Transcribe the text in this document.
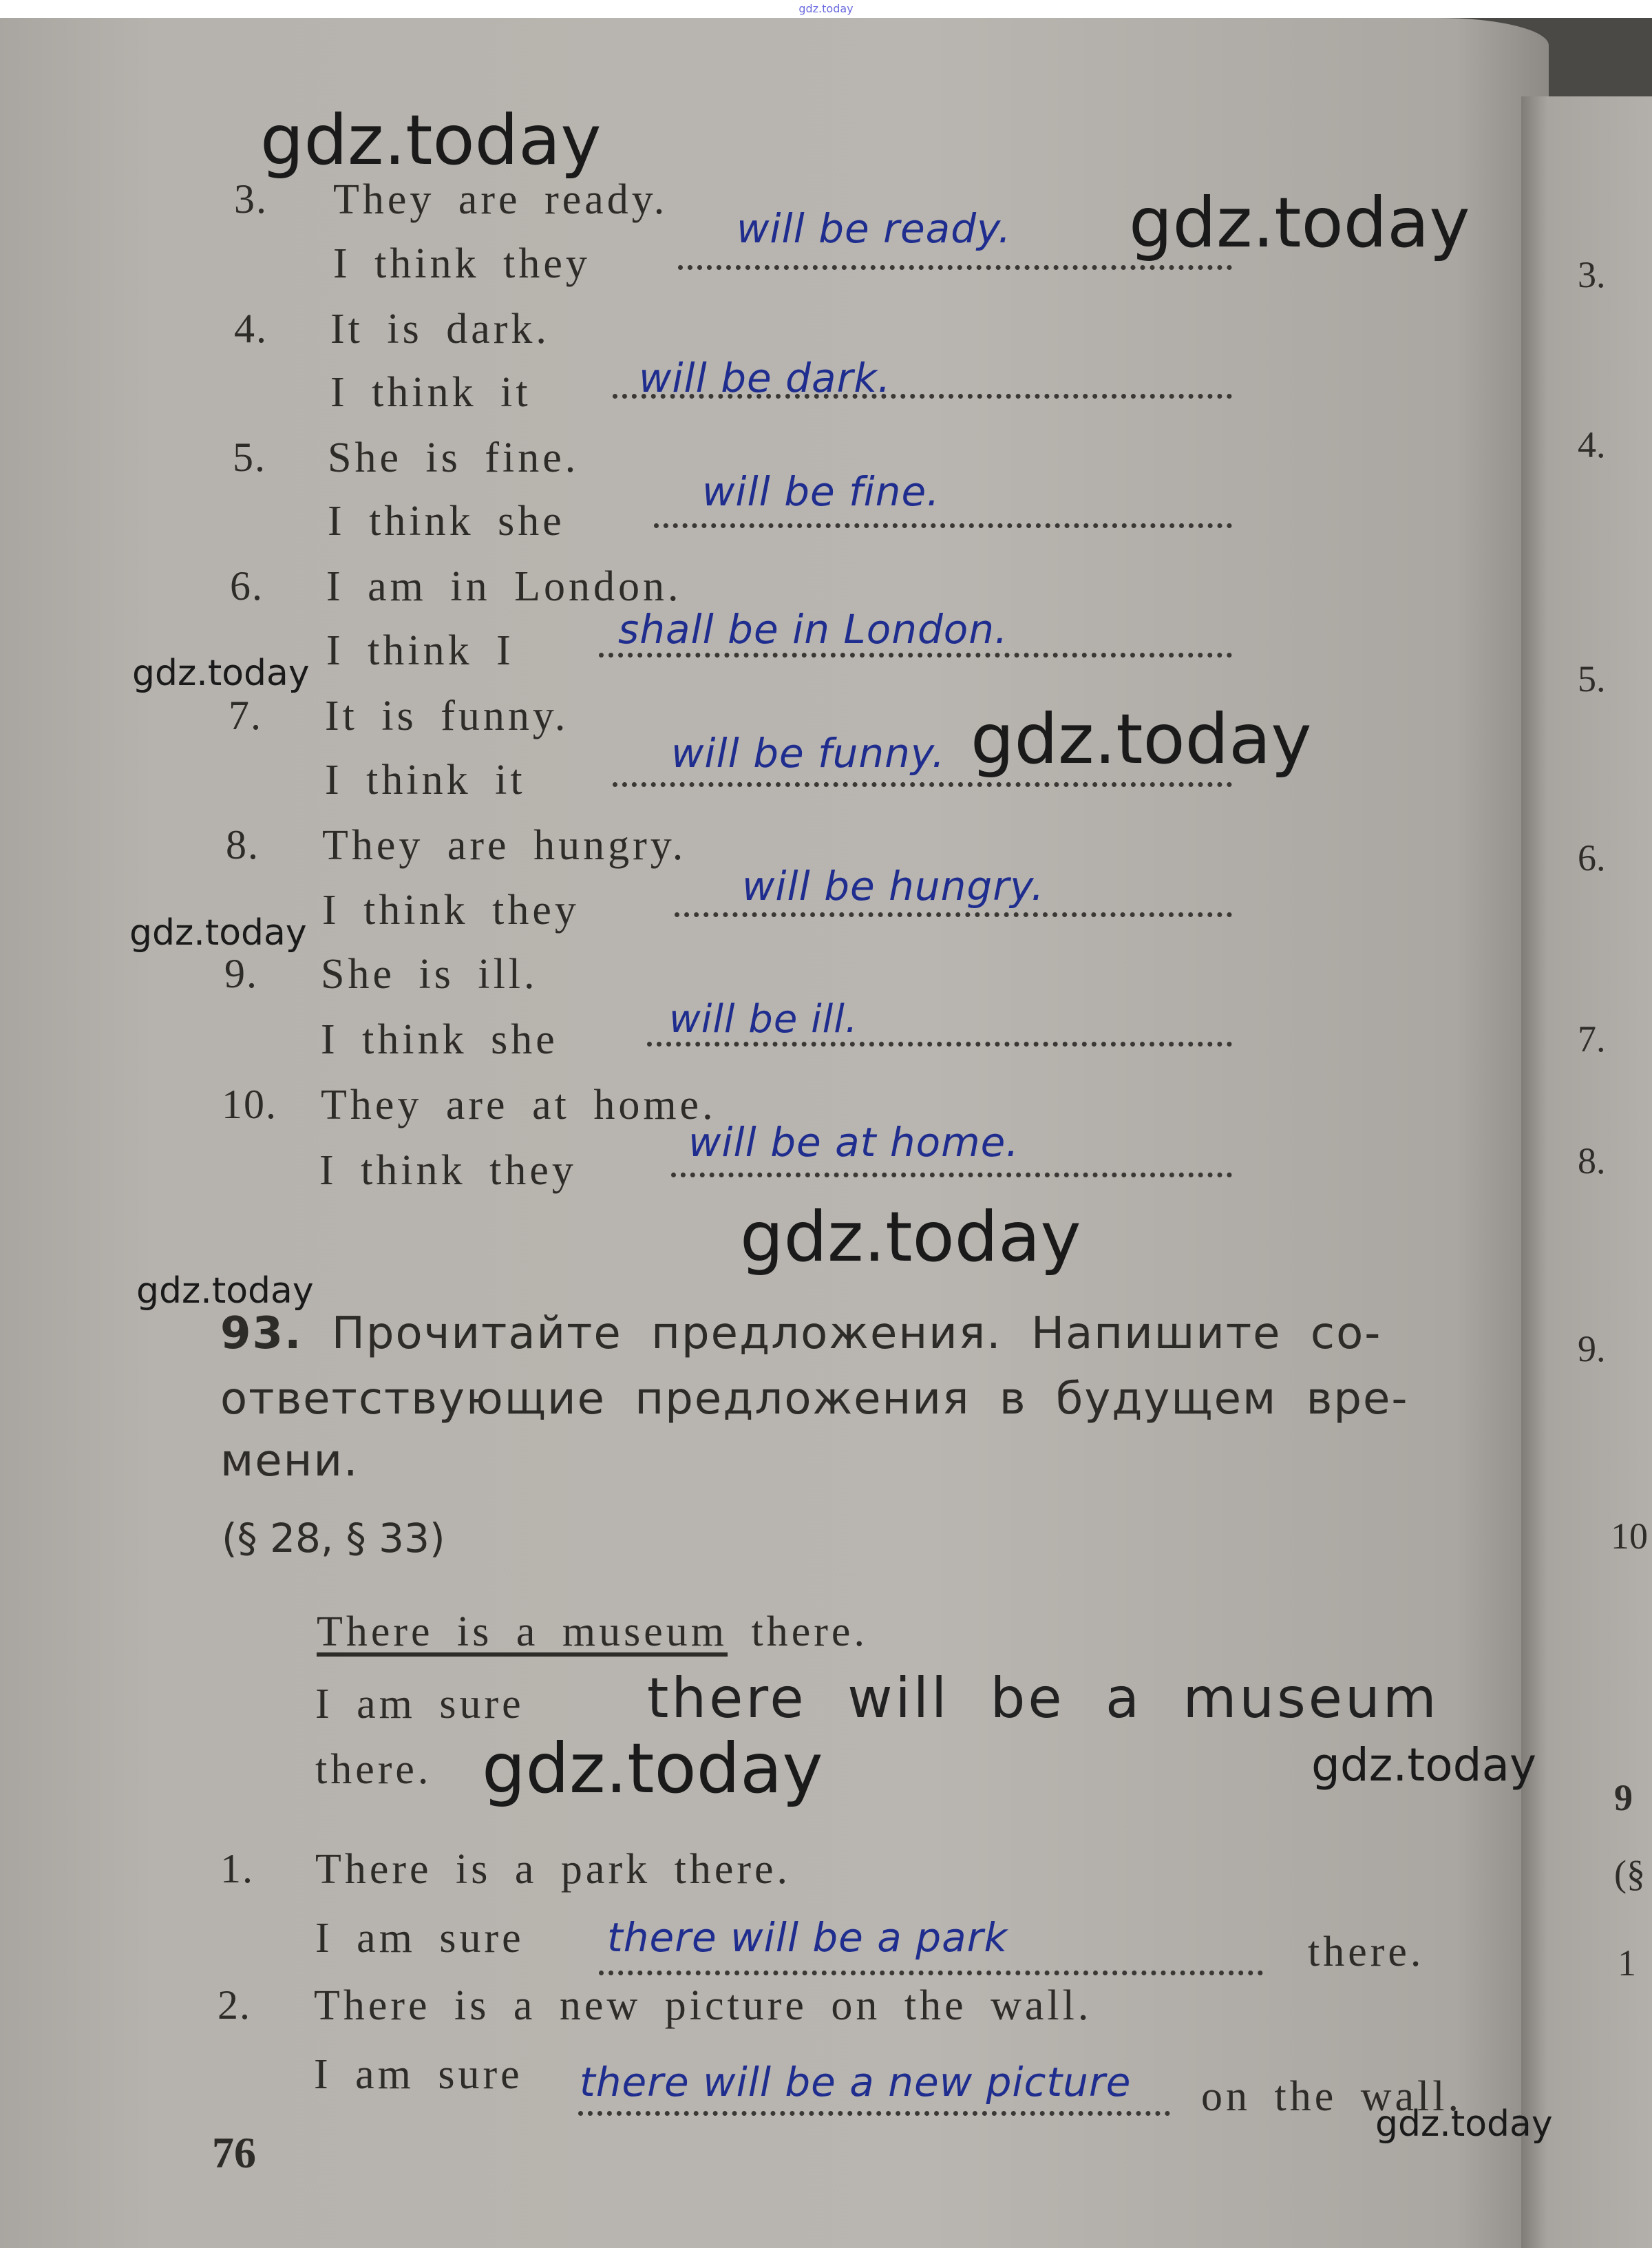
gdz.today
3.
4.
5.
6.
7.
8.
9.
10
9
(§
1
3. They are ready.
I think they
will be ready.
4. It is dark.
I think it	will be dark.
5. She is fine.
I think she
will be fine.
6. I am in London.
I think I	shall be in London.
7. It is funny.
I think it
will be funny.
8. They are hungry.
I think they
will be hungry.
9. She is ill.
I think she	will be ill.
10. They are at home.
I think they
will be at home.
93. Прочитайте предложения. Напишите со-
ответствующие предложения в будущем вре-
мени.
(§ 28, § 33)
There is a museum there.
I am sure there will be a museum
there.
1. There is a park there.
I am sure there will be a park	there.
2. There is a new picture on the wall.
I am sure there will be a new picture on the wall.
76
gdz.today
gdz.today
gdz.today
gdz.today
gdz.today
gdz.today
gdz.today
gdz.today	gdz.today
gdz.today
